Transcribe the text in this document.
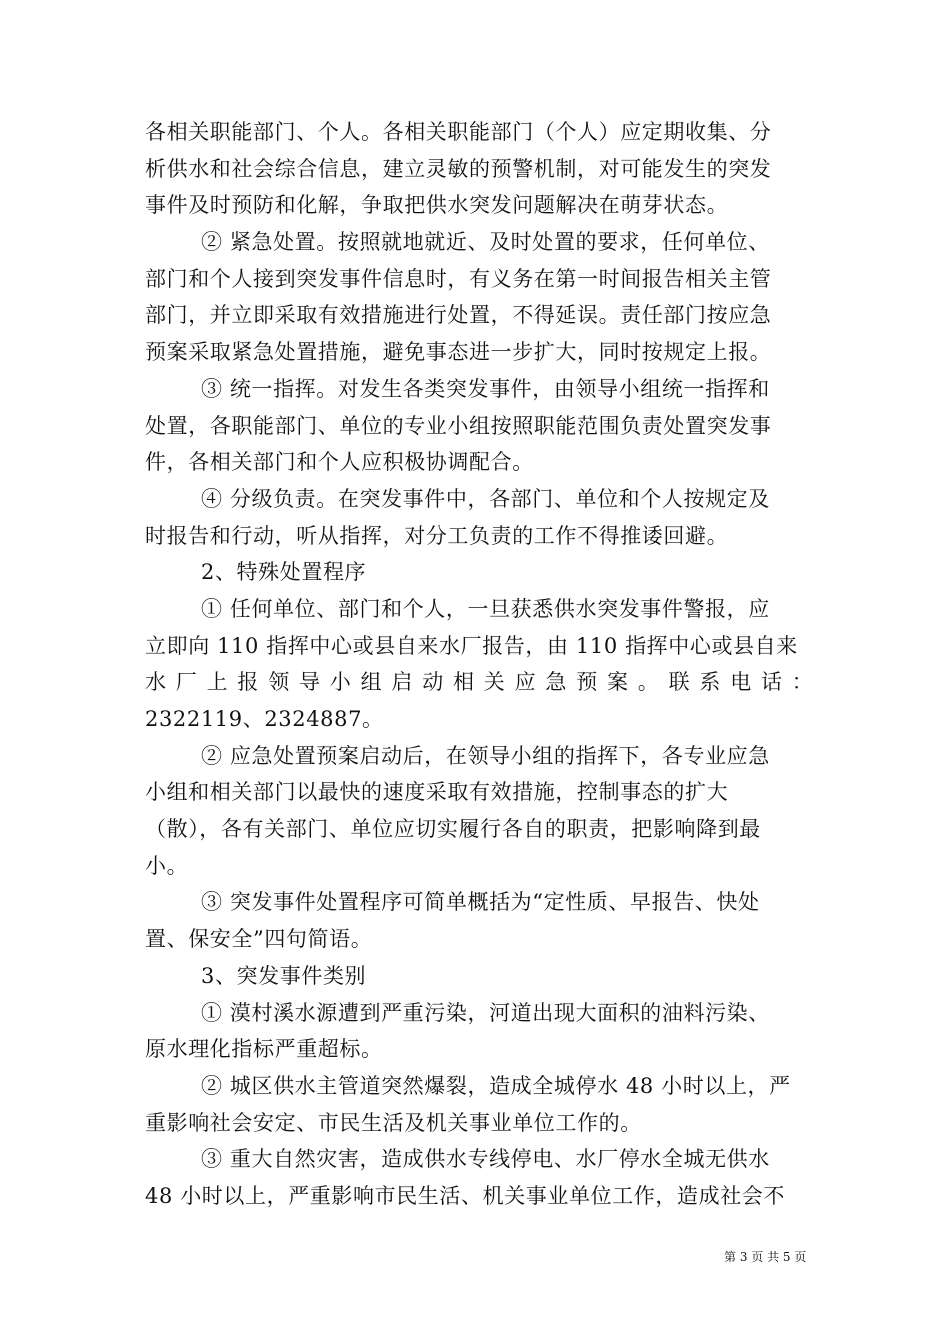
各相关职能部门、个人。各相关职能部门（个人）应定期收集、分
析供水和社会综合信息，建立灵敏的预警机制，对可能发生的突发
事件及时预防和化解，争取把供水突发问题解决在萌芽状态。
② 紧急处置。按照就地就近、及时处置的要求，任何单位、
部门和个人接到突发事件信息时，有义务在第一时间报告相关主管
部门，并立即采取有效措施进行处置，不得延误。责任部门按应急
预案采取紧急处置措施，避免事态进一步扩大，同时按规定上报。
③ 统一指挥。对发生各类突发事件，由领导小组统一指挥和
处置，各职能部门、单位的专业小组按照职能范围负责处置突发事
件，各相关部门和个人应积极协调配合。
④ 分级负责。在突发事件中，各部门、单位和个人按规定及
时报告和行动，听从指挥，对分工负责的工作不得推诿回避。
2、特殊处置程序
① 任何单位、部门和个人，一旦获悉供水突发事件警报，应
立即向 110 指挥中心或县自来水厂报告，由 110 指挥中心或县自来
水厂上报领导小组启动相关应急预案。联系电话：
2322119、2324887。
② 应急处置预案启动后，在领导小组的指挥下，各专业应急
小组和相关部门以最快的速度采取有效措施，控制事态的扩大
（散），各有关部门、单位应切实履行各自的职责，把影响降到最
小。
③ 突发事件处置程序可简单概括为“定性质、早报告、快处
置、保安全”四句简语。
3、突发事件类别
① 漠村溪水源遭到严重污染，河道出现大面积的油料污染、
原水理化指标严重超标。
② 城区供水主管道突然爆裂，造成全城停水 48 小时以上，严
重影响社会安定、市民生活及机关事业单位工作的。
③ 重大自然灾害，造成供水专线停电、水厂停水全城无供水
48 小时以上，严重影响市民生活、机关事业单位工作，造成社会不
第 3 页 共 5 页
